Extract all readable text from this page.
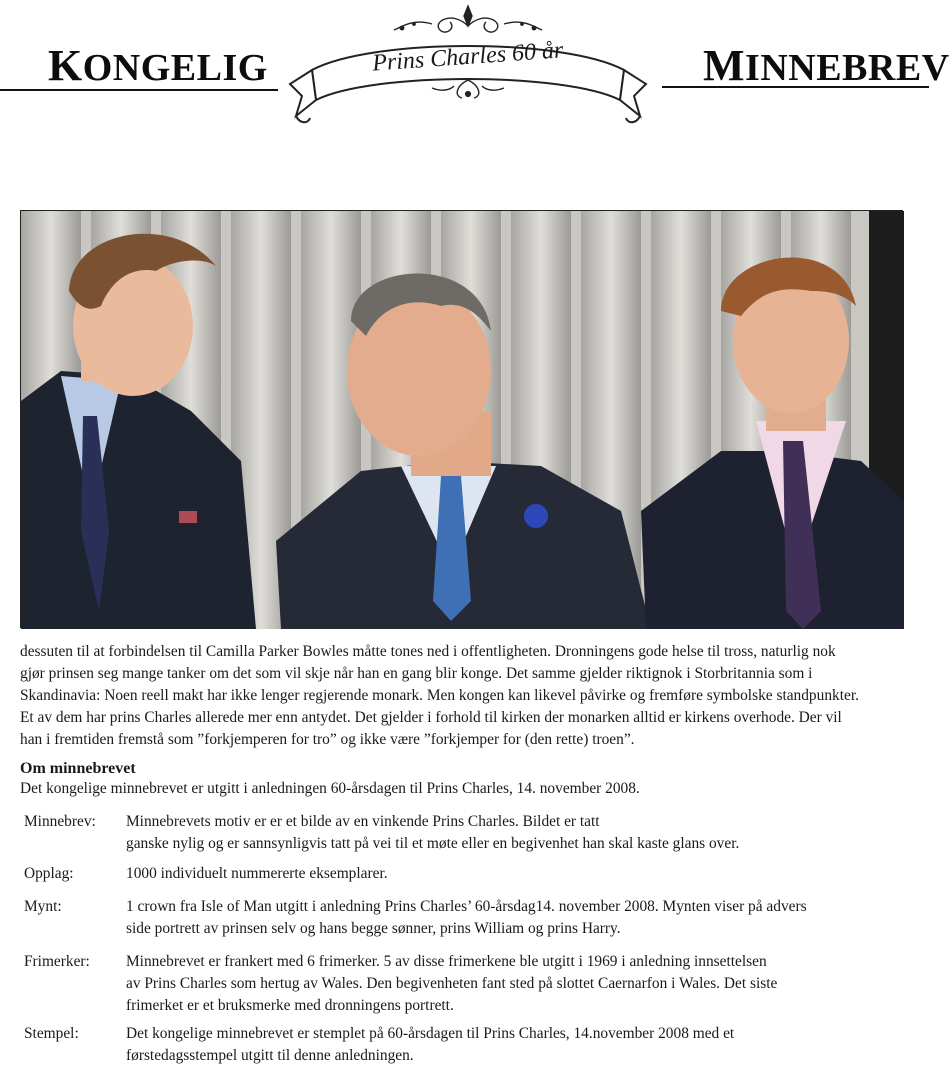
KONGELIG	MINNEBREV
Prins Charles 60 år

dessuten til at forbindelsen til Camilla Parker Bowles måtte tones ned i offentligheten. Dronningens gode helse til tross, naturlig nok

gjør prinsen seg mange tanker om det som vil skje når han en gang blir konge. Det samme gjelder riktignok i Storbritannia som i

Skandinavia: Noen reell makt har ikke lenger regjerende monark. Men kongen kan likevel påvirke og fremføre symbolske standpunkter.

Et av dem har prins Charles allerede mer enn antydet. Det gjelder i forhold til kirken der monarken alltid er kirkens overhode. Der vil

han i fremtiden fremstå som ”forkjemperen for tro” og ikke være ”forkjemper for (den rette) troen”.

Om minnebrevet
Det kongelige minnebrevet er utgitt i anledningen 60-årsdagen til Prins Charles, 14. november 2008.
Minnebrev: Minnebrevets motiv er er et bilde av en vinkende Prins Charles. Bildet er tatt
ganske nylig og er sannsynligvis tatt på vei til et møte eller en begivenhet han skal kaste glans over.
Opplag:	1000 individuelt nummererte eksemplarer.
Mynt:	1 crown fra Isle of Man utgitt i anledning Prins Charles’ 60-årsdag14. november 2008. Mynten viser på advers
side portrett av prinsen selv og hans begge sønner, prins William og prins Harry.
Frimerker: Minnebrevet er frankert med 6 frimerker. 5 av disse frimerkene ble utgitt i 1969 i anledning innsettelsen
av Prins Charles som hertug av Wales. Den begivenheten fant sted på slottet Caernarfon i Wales. Det siste
frimerket er et bruksmerke med dronningens portrett.
Stempel:	Det kongelige minnebrevet er stemplet på 60-årsdagen til Prins Charles, 14.november 2008 med et
førstedagsstempel utgitt til denne anledningen.
